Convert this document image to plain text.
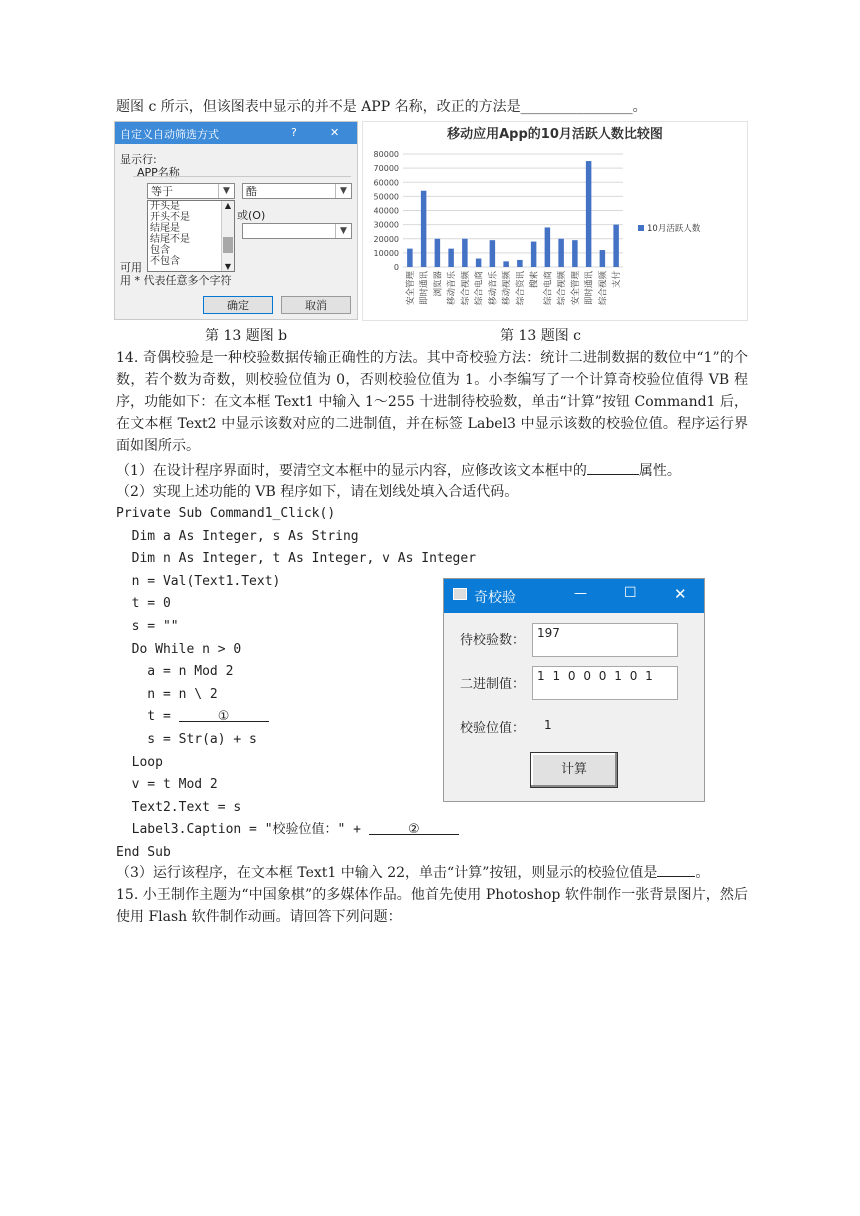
题图 c 所示，但该图表中显示的并不是 APP 名称，改正的方法是________________。
自定义自动筛选方式	?	✕
显示行:
APP名称
等于	▼	酷	▼
开头是
开头不是
结尾是
结尾不是
包含
不包含
▲
▼
或(O)
▼
可用
用 * 代表任意多个字符
确定	取消
移动应用App的10月活跃人数比较图
80000
70000
60000
50000
40000
30000
20000
10000
0
安全管理 即时通讯 浏览器 移动音乐 综合视频 综合电商 移动音乐 移动视频 综合资讯 搜索 综合电商 综合视频 安全管理 即时通讯 综合视频 支付
10月活跃人数
第 13 题图 b	第 13 题图 c
14. 奇偶校验是一种校验数据传输正确性的方法。其中奇校验方法：统计二进制数据的数位中“1”的个数，若个数为奇数，则校验位值为 0，否则校验位值为 1。小李编写了一个计算奇校验位值得 VB 程序，功能如下：在文本框 Text1 中输入 1～255 十进制待校验数，单击“计算”按钮 Command1 后，在文本框 Text2 中显示该数对应的二进制值，并在标签 Label3 中显示该数的校验位值。程序运行界面如图所示。
（1）在设计程序界面时，要清空文本框中的显示内容，应修改该文本框中的	属性。
（2）实现上述功能的 VB 程序如下，请在划线处填入合适代码。
Private Sub Command1_Click()
Dim a As Integer, s As String
Dim n As Integer, t As Integer, v As Integer
n = Val(Text1.Text)
t = 0
s = ""
Do While n > 0
a = n Mod 2
n = n \ 2
t =	①
s = Str(a) + s
Loop
v = t Mod 2
Text2.Text = s
Label3.Caption = "校验位值：" +	②
End Sub
（3）运行该程序，在文本框 Text1 中输入 22，单击“计算”按钮，则显示的校验位值是	。
15. 小王制作主题为“中国象棋”的多媒体作品。他首先使用 Photoshop 软件制作一张背景图片，然后使用 Flash 软件制作动画。请回答下列问题：
奇校验	—	☐ ✕
待校验数： 197
二进制值：
1 1 0 0 0 1 0 1
校验位值： 1
计算
